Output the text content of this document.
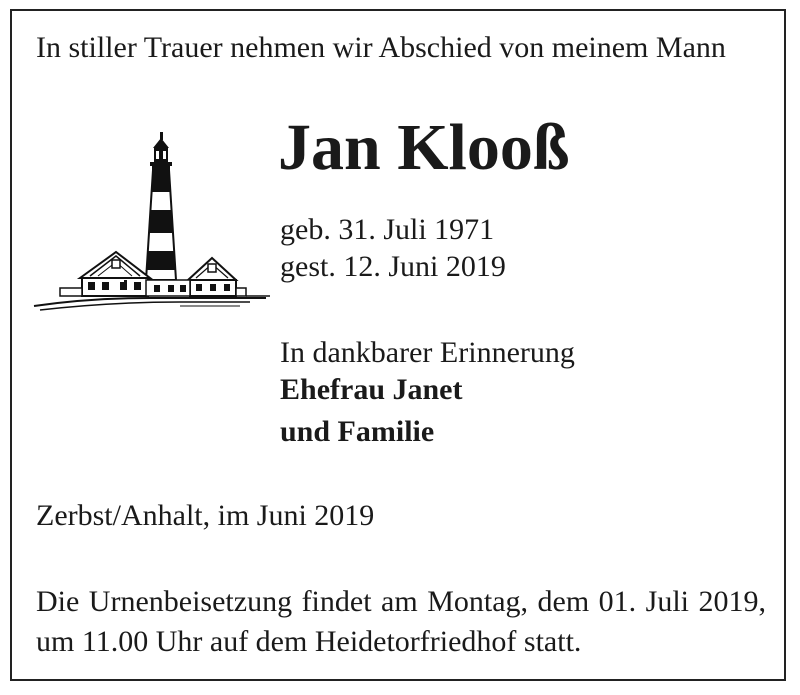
In stiller Trauer nehmen wir Abschied von meinem Mann
Jan Klooß
geb. 31. Juli 1971
gest. 12. Juni 2019
In dankbarer Erinnerung
Ehefrau Janet
und Familie
Zerbst/Anhalt, im Juni 2019
Die Urnenbeisetzung findet am Montag, dem 01. Juli 2019, um 11.00 Uhr auf dem Heidetorfriedhof statt.
